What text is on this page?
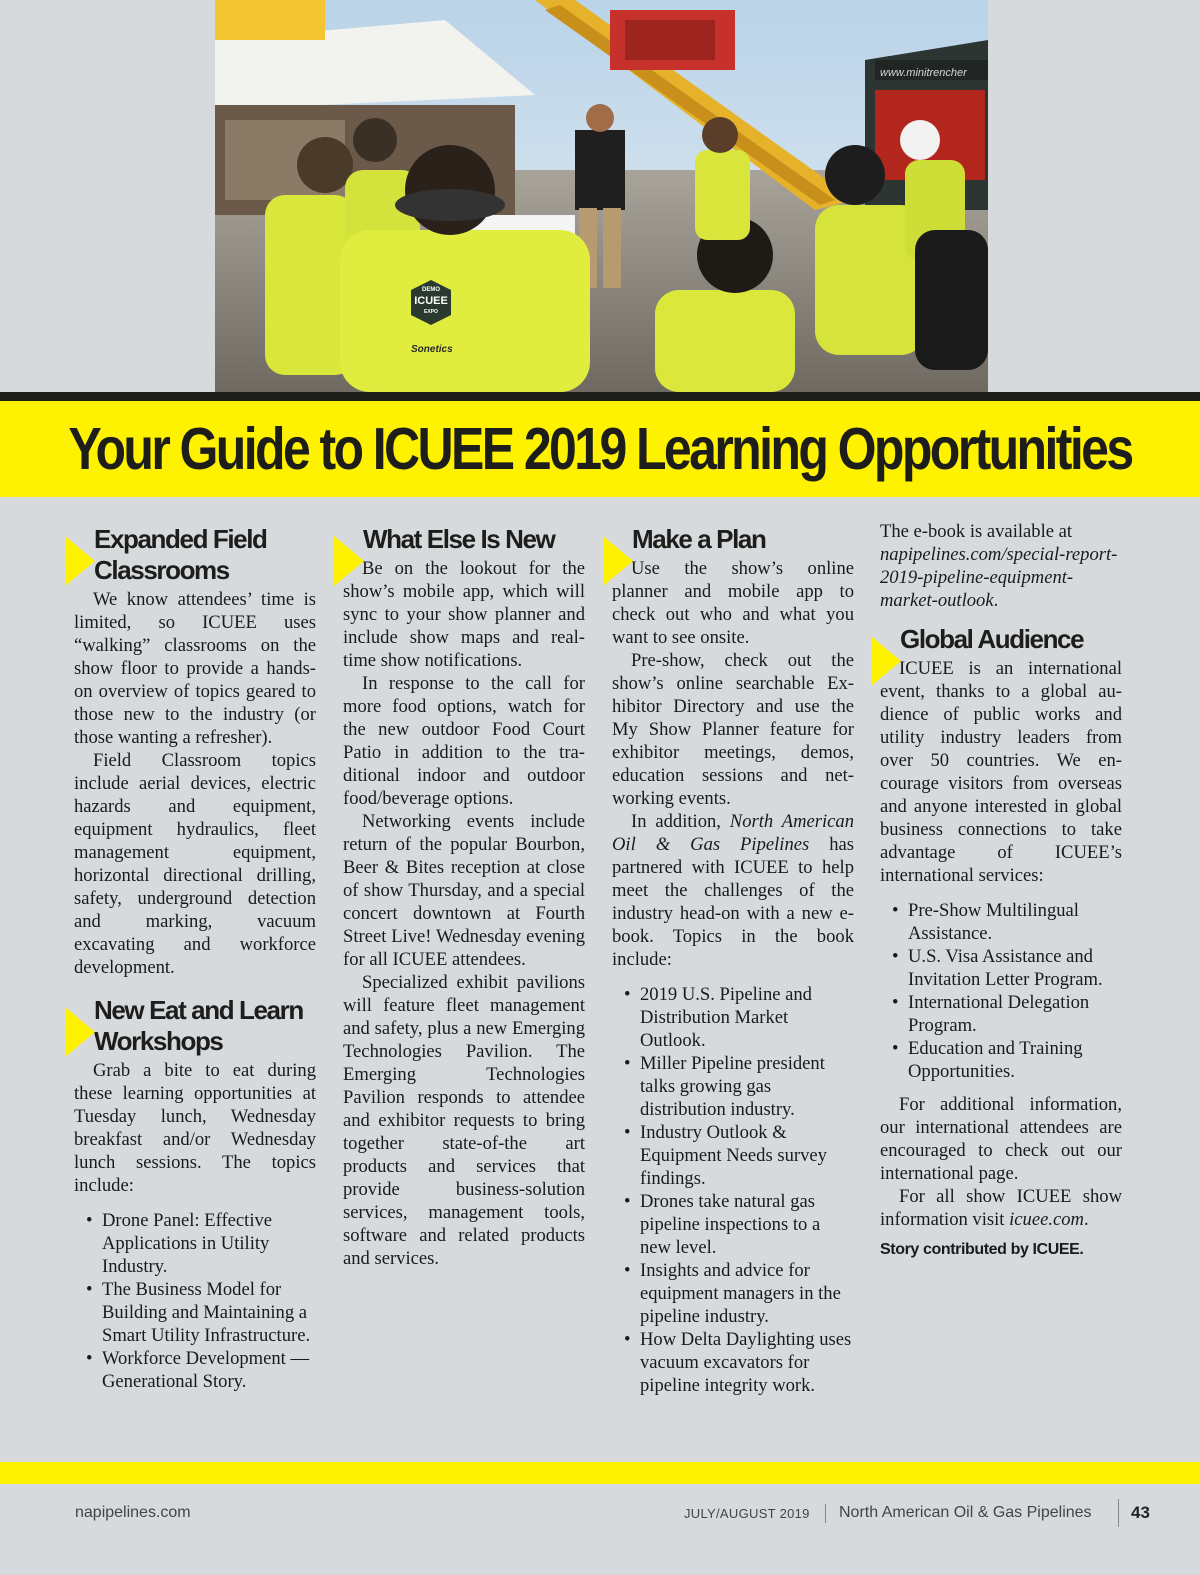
www.minitrencher
DEMO
ICUEE
EXPO
Sonetics
Your Guide to ICUEE 2019 Learning Opportunities
Expanded Field Classrooms

We know attendees’ time is limited, so ICUEE uses “walking” classrooms on the show floor to provide a hands-on overview of topics geared to those new to the industry (or those wanting a refresher).

Field Classroom topics include aerial devices, electric hazards and equipment, equipment hydraulics, fleet management equipment, horizontal directional drilling, safety, underground detection and marking, vacuum excavating and workforce development.

New Eat and Learn Workshops

Grab a bite to eat during these learning opportunities at Tuesday lunch, Wednesday breakfast and/or Wednesday lunch sessions. The topics include:

• Drone Panel: Effective Applications in Utility Industry.
• The Business Model for Building and Maintaining a Smart Utility Infrastructure.
• Workforce Development — Generational Story.
What Else Is New

Be on the lookout for the show’s mobile app, which will sync to your show planner and include show maps and real-time show notifications.

In response to the call for more food options, watch for the new outdoor Food Court Patio in addition to the traditional indoor and outdoor food/beverage options.

Networking events include return of the popular Bourbon, Beer & Bites reception at close of show Thursday, and a special concert downtown at Fourth Street Live! Wednesday evening for all ICUEE attendees.

Specialized exhibit pavilions will feature fleet management and safety, plus a new Emerging Technologies Pavilion. The Emerging Technologies Pavilion responds to attendee and exhibitor requests to bring together state-of-the art products and services that provide business-solution services, management tools, software and related products and services.

Make a Plan

Use the show’s online planner and mobile app to check out who and what you want to see onsite.

Pre-show, check out the show’s online searchable Exhibitor Directory and use the My Show Planner feature for exhibitor meetings, demos, education sessions and networking events.

In addition, North American Oil & Gas Pipelines has partnered with ICUEE to help meet the challenges of the industry head-on with a new e-book. Topics in the book include:

• 2019 U.S. Pipeline and Distribution Market Outlook.
• Miller Pipeline president talks growing gas distribution industry.
• Industry Outlook & Equipment Needs survey findings.
• Drones take natural gas pipeline inspections to a new level.
• Insights and advice for equipment managers in the pipeline industry.
• How Delta Daylighting uses vacuum excavators for pipeline integrity work.

The e-book is available at napipelines.com/special-report-2019-pipeline-equipment-market-outlook.

Global Audience

ICUEE is an international event, thanks to a global audience of public works and utility industry leaders from over 50 countries. We encourage visitors from overseas and anyone interested in global business connections to take advantage of ICUEE’s international services:

• Pre-Show Multilingual Assistance.
• U.S. Visa Assistance and Invitation Letter Program.
• International Delegation Program.
• Education and Training Opportunities.

For additional information, our international attendees are encouraged to check out our international page.

For all show ICUEE show information visit icuee.com.

Story contributed by ICUEE.
napipelines.com	JULY/AUGUST 2019 North American Oil & Gas Pipelines 43
